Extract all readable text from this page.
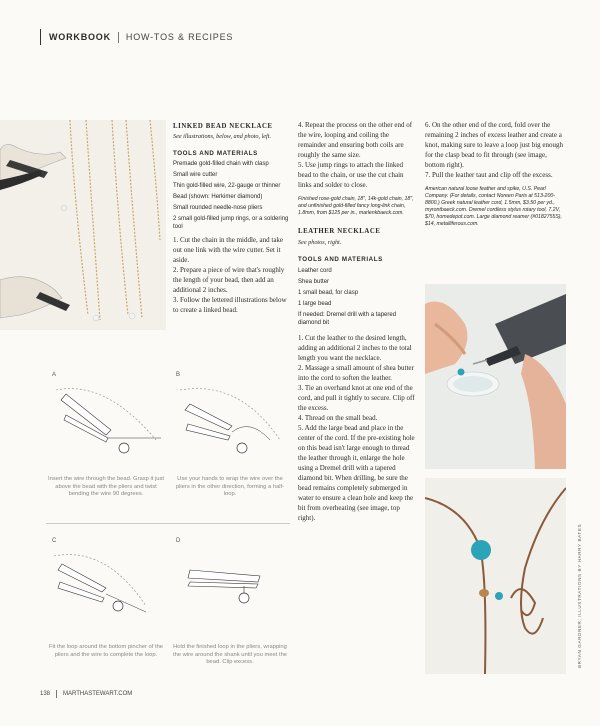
WORKBOOK HOW-TOS & RECIPES
LINKED BEAD NECKLACE
See illustrations, below, and photo, left.
TOOLS AND MATERIALS
Premade gold-filled chain with clasp
Small wire cutter
Thin gold-filled wire, 22-gauge or thinner
Bead (shown: Herkimer diamond)
Small rounded needle-nose pliers
2 small gold-filled jump rings, or a soldering tool

1. Cut the chain in the middle, and take out one link with the wire cutter. Set it aside.

2. Prepare a piece of wire that's roughly the length of your bead, then add an additional 2 inches.

3. Follow the lettered illustrations below to create a linked bead.

4. Repeat the process on the other end of the wire, looping and coiling the remainder and ensuring both coils are roughly the same size.

5. Use jump rings to attach the linked bead to the chain, or use the cut chain links and solder to close.

Finished rose-gold chain, 18", 14k-gold chain, 18", and unfinished gold-filled fancy long-link chain, 1.8mm, from $125 per in., marlenkbaeck.com.
LEATHER NECKLACE
See photos, right.
TOOLS AND MATERIALS
Leather cord
Shea butter
1 small bead, for clasp
1 large bead
If needed: Dremel drill with a tapered diamond bit

1. Cut the leather to the desired length, adding an additional 2 inches to the total length you want the necklace.

2. Massage a small amount of shea butter into the cord to soften the leather.

3. Tie an overhand knot at one end of the cord, and pull it tightly to secure. Clip off the excess.

4. Thread on the small bead.

5. Add the large bead and place in the center of the cord. If the pre-existing hole on this bead isn't large enough to thread the leather through it, enlarge the hole using a Dremel drill with a tapered diamond bit. When drilling, be sure the bead remains completely submerged in water to ensure a clean hole and keep the bit from overheating (see image, top right).

6. On the other end of the cord, fold over the remaining 2 inches of excess leather and create a knot, making sure to leave a loop just big enough for the clasp bead to fit through (see image, bottom right).

7. Pull the leather taut and clip off the excess.

American natural loose feather and spike, U.S. Pearl Company. (For details, contact Noreen Paris at 513-200-8800.) Greek natural leather cord, 1.5mm, $3.50 per yd., myrontbaeck.com. Dremel cordless stylus rotary tool, 7.2V, $70, homedepot.com. Large diamond reamer (#0182755S), $14, metalliferous.com.
A
Insert the wire through the bead. Grasp it just above the bead with the pliers and twist bending the wire 90 degrees.
B
Use your hands to wrap the wire over the pliers in the other direction, forming a half-loop.
C
Fit the loop around the bottom pincher of the pliers and the wire to complete the loop.
D
Hold the finished loop in the pliers, wrapping the wire around the shank until you meet the bead. Clip excess.	BRYAN GARDNER; ILLUSTRATIONS BY HARRY BATES
138 MARTHASTEWART.COM
